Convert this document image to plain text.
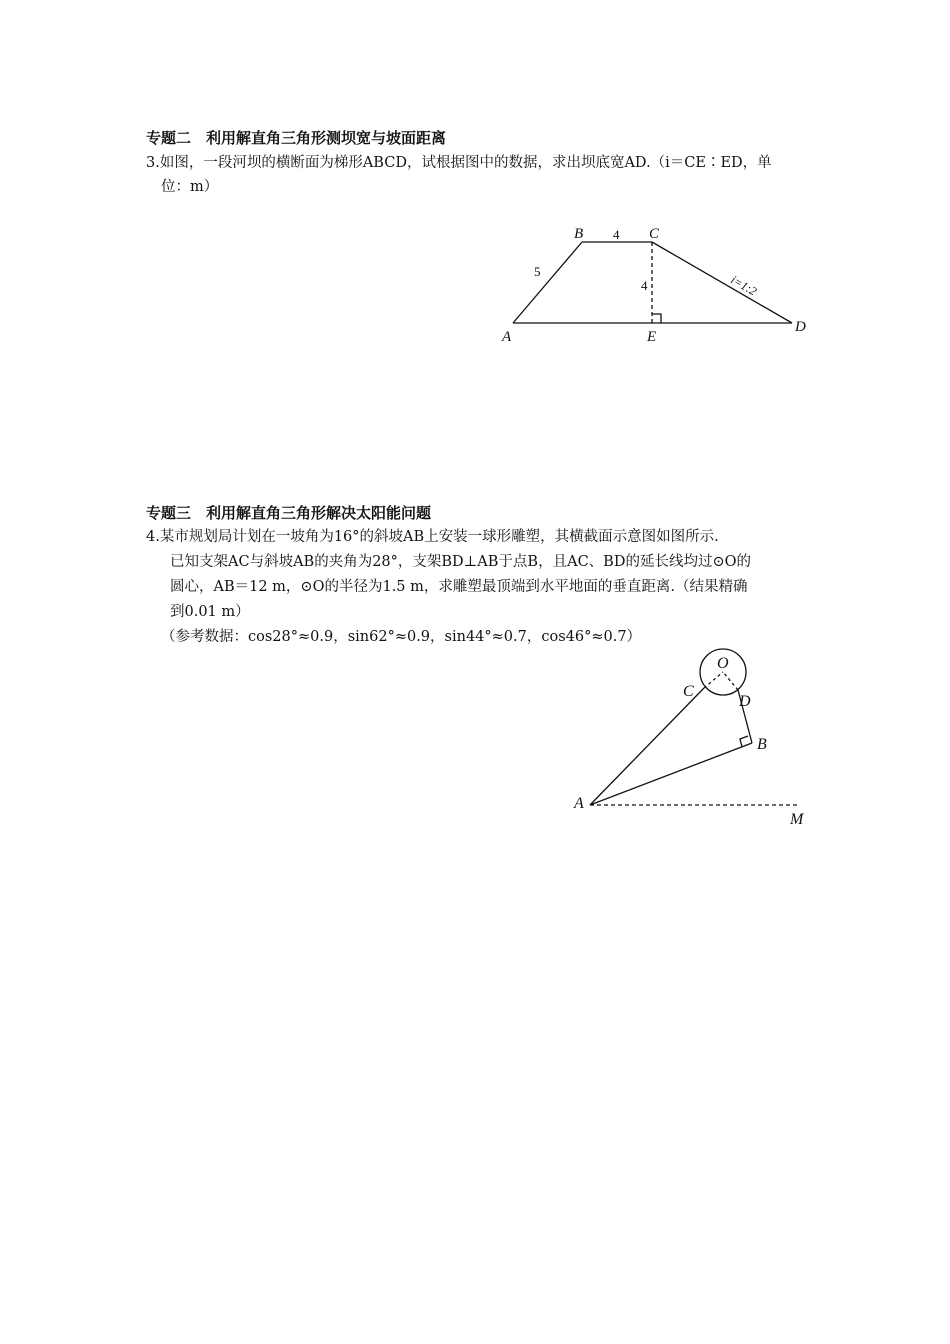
专题二　利用解直角三角形测坝宽与坡面距离
3.如图，一段河坝的横断面为梯形ABCD，试根据图中的数据，求出坝底宽AD.（i＝CE∶ED，单
位：m）
B	C
A	E
D
4
5
4	i=1:2
O
C
D
B
A
M
专题三　利用解直角三角形解决太阳能问题
4.某市规划局计划在一坡角为16°的斜坡AB上安装一球形雕塑，其横截面示意图如图所示.
已知支架AC与斜坡AB的夹角为28°，支架BD⊥AB于点B，且AC、BD的延长线均过⊙O的
圆心，AB＝12 m，⊙O的半径为1.5 m，求雕塑最顶端到水平地面的垂直距离.（结果精确
到0.01 m）
（参考数据：cos28°≈0.9，sin62°≈0.9，sin44°≈0.7，cos46°≈0.7）
